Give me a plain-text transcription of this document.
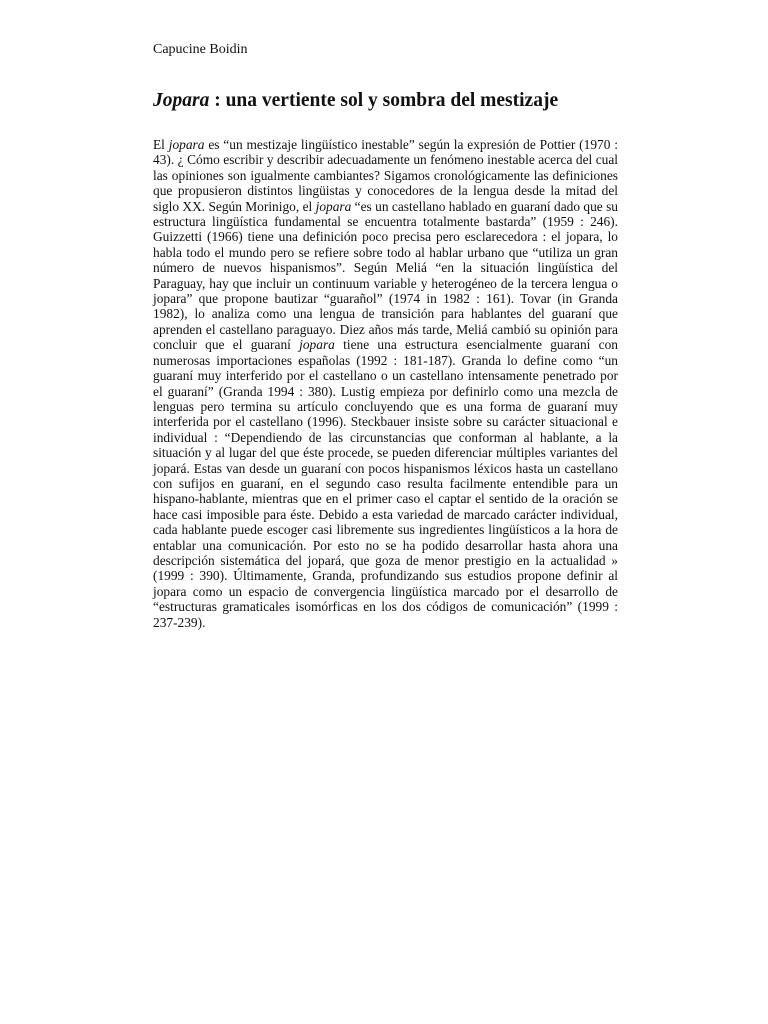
Capucine Boidin
Jopara : una vertiente sol y sombra del mestizaje

El jopara es “un mestizaje lingüístico inestable” según la expresión de Pottier (1970 : 43). ¿ Cómo escribir y describir adecuadamente un fenómeno inestable acerca del cual las opiniones son igualmente cambiantes? Sigamos cronológicamente las definiciones que propusieron distintos lingüistas y conocedores de la lengua desde la mitad del siglo XX. Según Morinigo, el jopara “es un castellano hablado en guaraní dado que su estructura lingüística fundamental se encuentra totalmente bastarda” (1959 : 246). Guizzetti (1966) tiene una definición poco precisa pero esclarecedora : el jopara, lo habla todo el mundo pero se refiere sobre todo al hablar urbano que “utiliza un gran número de nuevos hispanismos”. Según Meliá “en la situación lingüística del Paraguay, hay que incluir un continuum variable y heterogéneo de la tercera lengua o jopara” que propone bautizar “guarañol” (1974 in 1982 : 161). Tovar (in Granda 1982), lo analiza como una lengua de transición para hablantes del guaraní que aprenden el castellano paraguayo. Diez años más tarde, Meliá cambió su opinión para concluir que el guaraní jopara tiene una estructura esencialmente guaraní con numerosas importaciones españolas (1992 : 181-187). Granda lo define como “un guaraní muy interferido por el castellano o un castellano intensamente penetrado por el guaraní” (Granda 1994 : 380). Lustig empieza por definirlo como una mezcla de lenguas pero termina su artículo concluyendo que es una forma de guaraní muy interferida por el castellano (1996). Steckbauer insiste sobre su carácter situacional e individual : “Dependiendo de las circunstancias que conforman al hablante, a la situación y al lugar del que éste procede, se pueden diferenciar múltiples variantes del jopará. Estas van desde un guaraní con pocos hispanismos léxicos hasta un castellano con sufijos en guaraní, en el segundo caso resulta facilmente entendible para un hispano-hablante, mientras que en el primer caso el captar el sentido de la oración se hace casi imposible para éste. Debido a esta variedad de marcado carácter individual, cada hablante puede escoger casi libremente sus ingredientes lingüísticos a la hora de entablar una comunicación. Por esto no se ha podido desarrollar hasta ahora una descripción sistemática del jopará, que goza de menor prestigio en la actualidad » (1999 : 390). Últimamente, Granda, profundizando sus estudios propone definir al jopara como un espacio de convergencia lingüística marcado por el desarrollo de “estructuras gramaticales isomórficas en los dos códigos de comunicación” (1999 : 237-239).
